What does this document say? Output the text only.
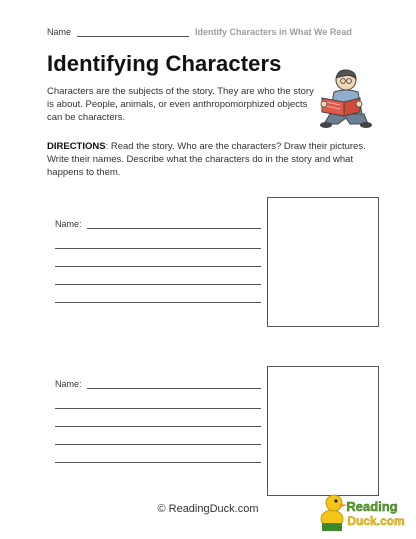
Name	Identify Characters in What We Read
Identifying Characters

Characters are the subjects of the story. They are who the story is about. People, animals, or even anthropomorphized objects can be characters.

DIRECTIONS: Read the story. Who are the characters? Draw their pictures. Write their names. Describe what the characters do in the story and what happens to them.

Name:
Name:
© ReadingDuck.com	Reading
Duck.com
